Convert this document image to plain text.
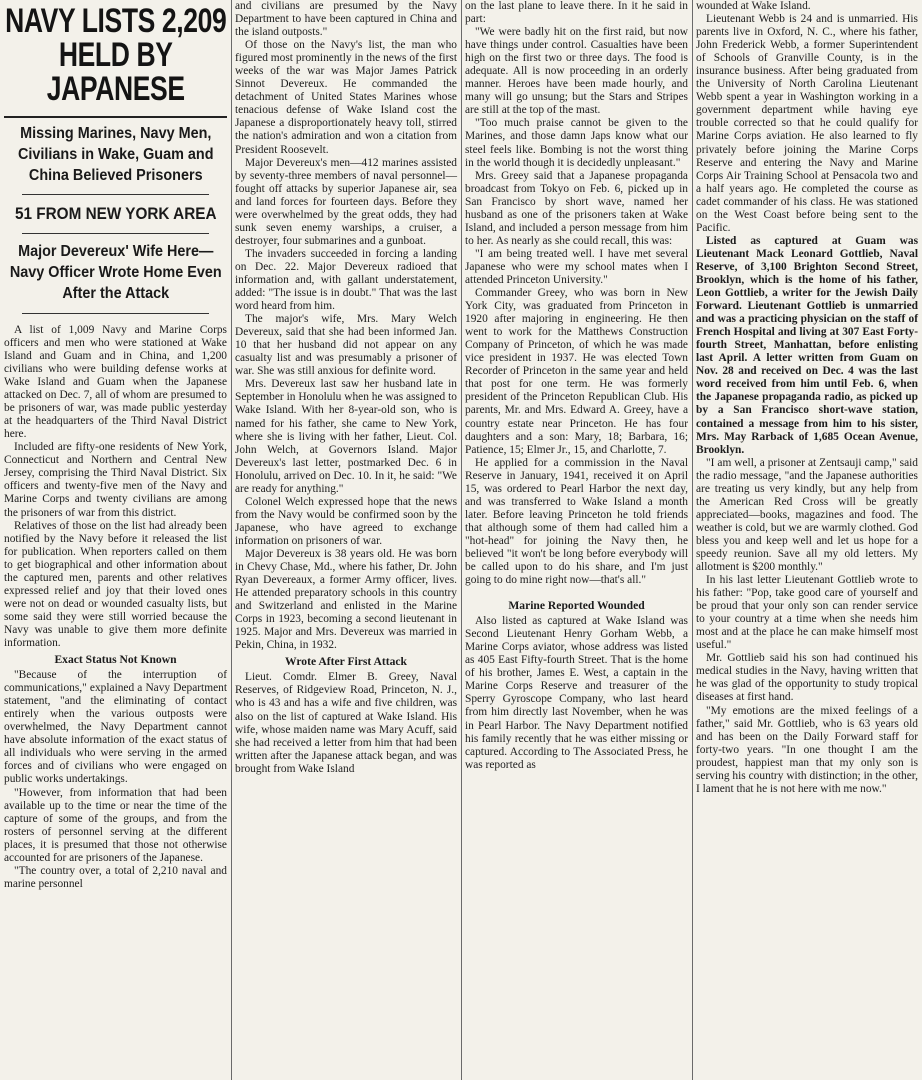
NAVY LISTS 2,209
HELD BY JAPANESE
Missing Marines, Navy Men, Civilians in Wake, Guam and China Believed Prisoners
51 FROM NEW YORK AREA
Major Devereux' Wife Here— Navy Officer Wrote Home Even After the Attack

A list of 1,009 Navy and Marine Corps officers and men who were stationed at Wake Island and Guam and in China, and 1,200 civilians who were building defense works at Wake Island and Guam when the Japanese attacked on Dec. 7, all of whom are presumed to be prisoners of war, was made public yesterday at the headquarters of the Third Naval District here.

Included are fifty-one residents of New York, Connecticut and Northern and Central New Jersey, comprising the Third Naval District. Six officers and twenty-five men of the Navy and Marine Corps and twenty civilians are among the prisoners of war from this district.

Relatives of those on the list had already been notified by the Navy before it released the list for publication. When reporters called on them to get biographical and other information about the captured men, parents and other relatives expressed relief and joy that their loved ones were not on dead or wounded casualty lists, but some said they were still worried because the Navy was unable to give them more definite information.

Exact Status Not Known

"Because of the interruption of communications," explained a Navy Department statement, "and the eliminating of contact entirely when the various outposts were overwhelmed, the Navy Department cannot have absolute information of the exact status of all individuals who were serving in the armed forces and of civilians who were engaged on public works undertakings.

"However, from information that had been available up to the time or near the time of the capture of some of the groups, and from the rosters of personnel serving at the different places, it is presumed that those not otherwise accounted for are prisoners of the Japanese.

"The country over, a total of 2,210 naval and marine personnel

and civilians are presumed by the Navy Department to have been captured in China and the island outposts."

Of those on the Navy's list, the man who figured most prominently in the news of the first weeks of the war was Major James Patrick Sinnot Devereux. He commanded the detachment of United States Marines whose tenacious defense of Wake Island cost the Japanese a disproportionately heavy toll, stirred the nation's admiration and won a citation from President Roosevelt.

Major Devereux's men—412 marines assisted by seventy-three members of naval personnel—fought off attacks by superior Japanese air, sea and land forces for fourteen days. Before they were overwhelmed by the great odds, they had sunk seven enemy warships, a cruiser, a destroyer, four submarines and a gunboat.

The invaders succeeded in forcing a landing on Dec. 22. Major Devereux radioed that information and, with gallant understatement, added: "The issue is in doubt." That was the last word heard from him.

The major's wife, Mrs. Mary Welch Devereux, said that she had been informed Jan. 10 that her husband did not appear on any casualty list and was presumably a prisoner of war. She was still anxious for definite word.

Mrs. Devereux last saw her husband late in September in Honolulu when he was assigned to Wake Island. With her 8-year-old son, who is named for his father, she came to New York, where she is living with her father, Lieut. Col. John Welch, at Governors Island. Major Devereux's last letter, postmarked Dec. 6 in Honolulu, arrived on Dec. 10. In it, he said: "We are ready for anything."

Colonel Welch expressed hope that the news from the Navy would be confirmed soon by the Japanese, who have agreed to exchange information on prisoners of war.

Major Devereux is 38 years old. He was born in Chevy Chase, Md., where his father, Dr. John Ryan Devereaux, a former Army officer, lives. He attended preparatory schools in this country and Switzerland and enlisted in the Marine Corps in 1923, becoming a second lieutenant in 1925. Major and Mrs. Devereux was married in Pekin, China, in 1932.

Wrote After First Attack

Lieut. Comdr. Elmer B. Greey, Naval Reserves, of Ridgeview Road, Princeton, N. J., who is 43 and has a wife and five children, was also on the list of captured at Wake Island. His wife, whose maiden name was Mary Acuff, said she had received a letter from him that had been written after the Japanese attack began, and was brought from Wake Island

on the last plane to leave there. In it he said in part:

"We were badly hit on the first raid, but now have things under control. Casualties have been high on the first two or three days. The food is adequate. All is now proceeding in an orderly manner. Heroes have been made hourly, and many will go unsung; but the Stars and Stripes are still at the top of the mast.

"Too much praise cannot be given to the Marines, and those damn Japs know what our steel feels like. Bombing is not the worst thing in the world though it is decidedly unpleasant."

Mrs. Greey said that a Japanese propaganda broadcast from Tokyo on Feb. 6, picked up in San Francisco by short wave, named her husband as one of the prisoners taken at Wake Island, and included a person message from him to her. As nearly as she could recall, this was:

"I am being treated well. I have met several Japanese who were my school mates when I attended Princeton University."

Commander Greey, who was born in New York City, was graduated from Princeton in 1920 after majoring in engineering. He then went to work for the Matthews Construction Company of Princeton, of which he was made vice president in 1937. He was elected Town Recorder of Princeton in the same year and held that post for one term. He was formerly president of the Princeton Republican Club. His parents, Mr. and Mrs. Edward A. Greey, have a country estate near Princeton. He has four daughters and a son: Mary, 18; Barbara, 16; Patience, 15; Elmer Jr., 15, and Charlotte, 7.

He applied for a commission in the Naval Reserve in January, 1941, received it on April 15, was ordered to Pearl Harbor the next day, and was transferred to Wake Island a month later. Before leaving Princeton he told friends that although some of them had called him a "hot-head" for joining the Navy then, he believed "it won't be long before everybody will be called upon to do his share, and I'm just going to do mine right now—that's all."

Marine Reported Wounded

Also listed as captured at Wake Island was Second Lieutenant Henry Gorham Webb, a Marine Corps aviator, whose address was listed as 405 East Fifty-fourth Street. That is the home of his brother, James E. West, a captain in the Marine Corps Reserve and treasurer of the Sperry Gyroscope Company, who last heard from him directly last November, when he was in Pearl Harbor. The Navy Department notified his family recently that he was either missing or captured. According to The Associated Press, he was reported as

wounded at Wake Island.

Lieutenant Webb is 24 and is unmarried. His parents live in Oxford, N. C., where his father, John Frederick Webb, a former Superintendent of Schools of Granville County, is in the insurance business. After being graduated from the University of North Carolina Lieutenant Webb spent a year in Washington working in a government department while having eye trouble corrected so that he could qualify for Marine Corps aviation. He also learned to fly privately before joining the Marine Corps Reserve and entering the Navy and Marine Corps Air Training School at Pensacola two and a half years ago. He completed the course as cadet commander of his class. He was stationed on the West Coast before being sent to the Pacific.

Listed as captured at Guam was Lieutenant Mack Leonard Gottlieb, Naval Reserve, of 3,100 Brighton Second Street, Brooklyn, which is the home of his father, Leon Gottlieb, a writer for the Jewish Daily Forward. Lieutenant Gottlieb is unmarried and was a practicing physician on the staff of French Hospital and living at 307 East Forty-fourth Street, Manhattan, before enlisting last April. A letter written from Guam on Nov. 28 and received on Dec. 4 was the last word received from him until Feb. 6, when the Japanese propaganda radio, as picked up by a San Francisco short-wave station, contained a message from him to his sister, Mrs. May Rarback of 1,685 Ocean Avenue, Brooklyn.

"I am well, a prisoner at Zentsauji camp," said the radio message, "and the Japanese authorities are treating us very kindly, but any help from the American Red Cross will be greatly appreciated—books, magazines and food. The weather is cold, but we are warmly clothed. God bless you and keep well and let us hope for a speedy reunion. Save all my old letters. My allotment is $200 monthly."

In his last letter Lieutenant Gottlieb wrote to his father: "Pop, take good care of yourself and be proud that your only son can render service to your country at a time when she needs him most and at the place he can make himself most useful."

Mr. Gottlieb said his son had continued his medical studies in the Navy, having written that he was glad of the opportunity to study tropical diseases at first hand.

"My emotions are the mixed feelings of a father," said Mr. Gottlieb, who is 63 years old and has been on the Daily Forward staff for forty-two years. "In one thought I am the proudest, happiest man that my only son is serving his country with distinction; in the other, I lament that he is not here with me now."
